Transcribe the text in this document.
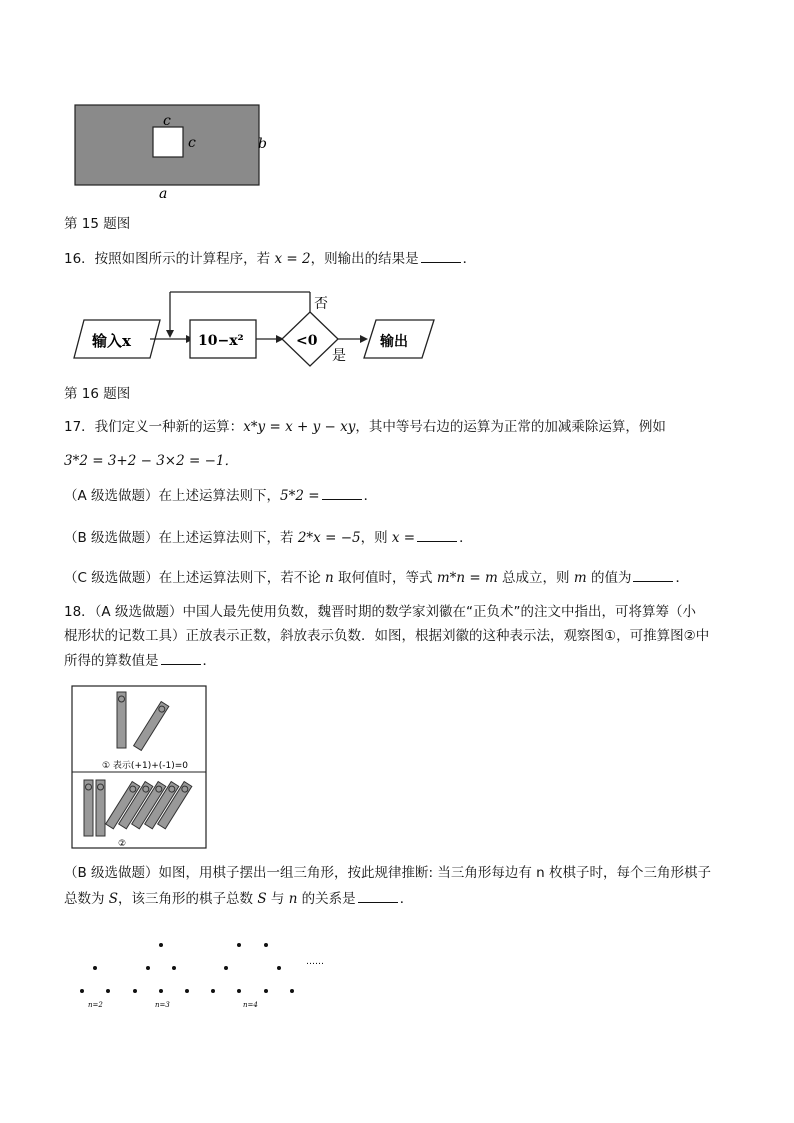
c
c	b
a
第 15 题图
16．按照如图所示的计算程序，若 x = 2，则输出的结果是	．
输入x	10−x²	<0
否
是
输出
第 16 题图
17．我们定义一种新的运算：x*y = x + y − xy，其中等号右边的运算为正常的加减乘除运算，例如
3*2 = 3+2 − 3×2 = −1．
（A 级选做题）在上述运算法则下，5*2 =	．
（B 级选做题）在上述运算法则下，若 2*x = −5，则 x =	．
（C 级选做题）在上述运算法则下，若不论 n 取何值时，等式 m*n = m 总成立，则 m 的值为	．
18．（A 级选做题）中国人最先使用负数，魏晋时期的数学家刘徽在“正负术”的注文中指出，可将算筹（小
棍形状的记数工具）正放表示正数，斜放表示负数．如图，根据刘徽的这种表示法，观察图①，可推算图②中
所得的算数值是	．
① 表示(+1)+(-1)=0
②
（B 级选做题）如图，用棋子摆出一组三角形，按此规律推断: 当三角形每边有 n 枚棋子时，每个三角形棋子
总数为 S，该三角形的棋子总数 S 与 n 的关系是	．
……
n=2	n=3	n=4
